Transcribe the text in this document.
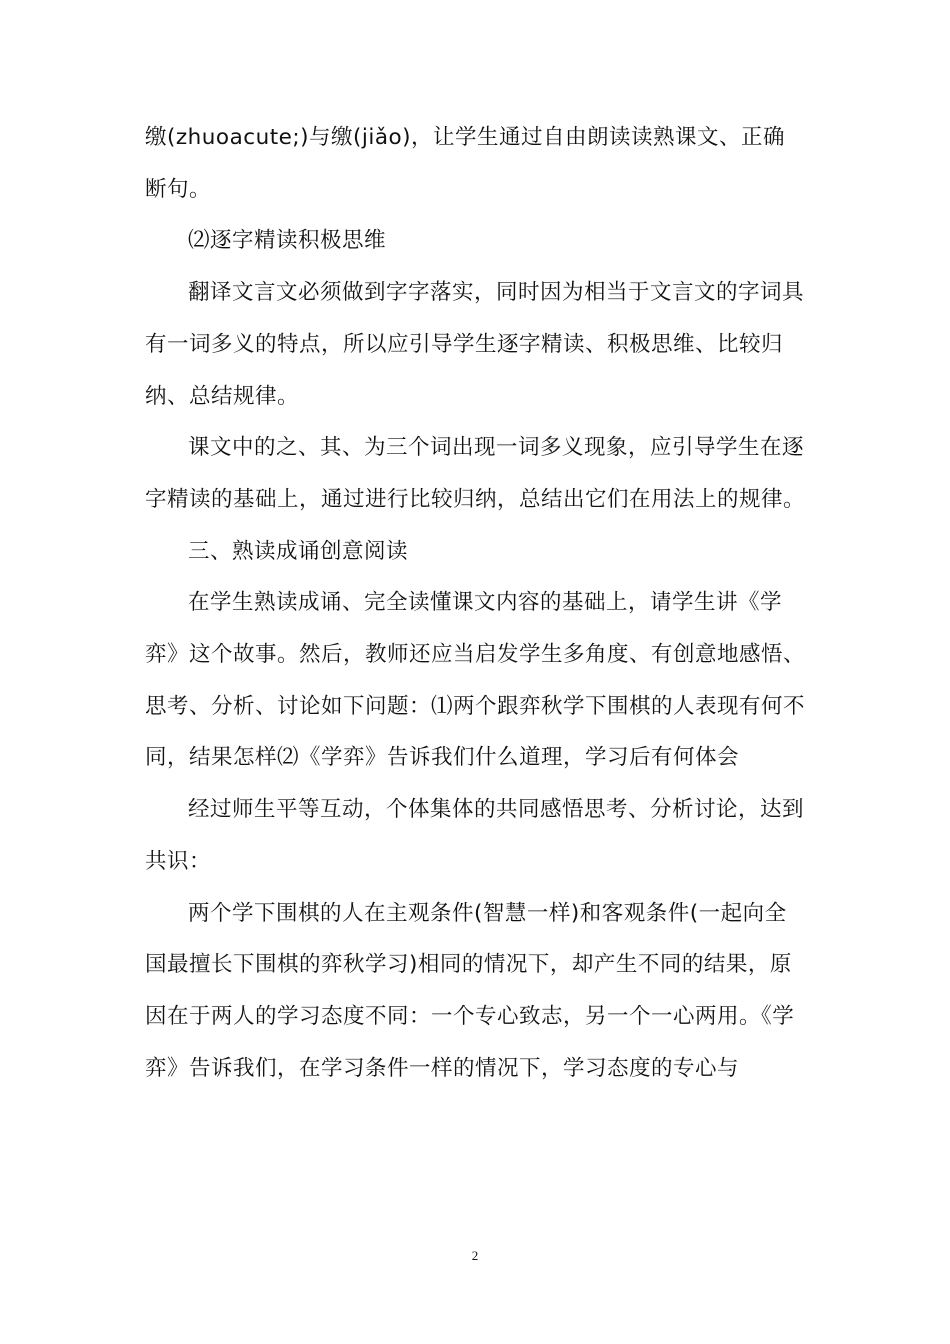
缴(zhuoacute;)与缴(jiǎo)，让学生通过自由朗读读熟课文、正确断句。

⑵逐字精读积极思维

翻译文言文必须做到字字落实，同时因为相当于文言文的字词具有一词多义的特点，所以应引导学生逐字精读、积极思维、比较归纳、总结规律。

课文中的之、其、为三个词出现一词多义现象，应引导学生在逐字精读的基础上，通过进行比较归纳，总结出它们在用法上的规律。

三、熟读成诵创意阅读

在学生熟读成诵、完全读懂课文内容的基础上，请学生讲《学弈》这个故事。然后，教师还应当启发学生多角度、有创意地感悟、思考、分析、讨论如下问题：⑴两个跟弈秋学下围棋的人表现有何不同，结果怎样⑵《学弈》告诉我们什么道理，学习后有何体会

经过师生平等互动，个体集体的共同感悟思考、分析讨论，达到共识：

两个学下围棋的人在主观条件(智慧一样)和客观条件(一起向全国最擅长下围棋的弈秋学习)相同的情况下，却产生不同的结果，原因在于两人的学习态度不同：一个专心致志，另一个一心两用。《学弈》告诉我们，在学习条件一样的情况下，学习态度的专心与

2
